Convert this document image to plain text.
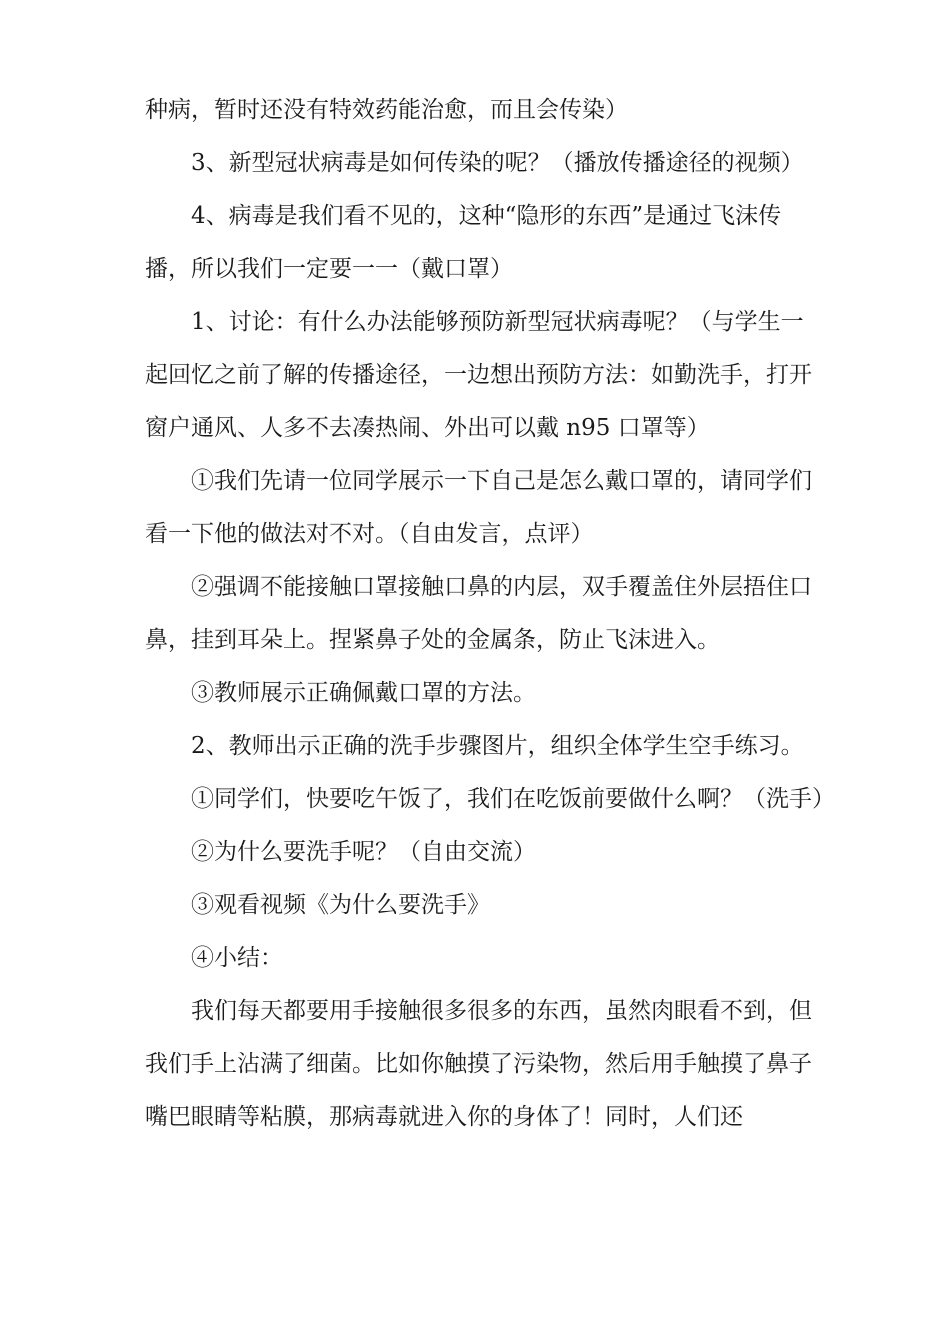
种病，暂时还没有特效药能治愈，而且会传染）

3、新型冠状病毒是如何传染的呢？（播放传播途径的视频）

4、病毒是我们看不见的，这种“隐形的东西”是通过飞沫传播，所以我们一定要一一（戴口罩）

1、讨论：有什么办法能够预防新型冠状病毒呢？（与学生一起回忆之前了解的传播途径，一边想出预防方法：如勤洗手，打开窗户通风、人多不去凑热闹、外出可以戴 n95 口罩等）

①我们先请一位同学展示一下自己是怎么戴口罩的，请同学们看一下他的做法对不对。（自由发言，点评）

②强调不能接触口罩接触口鼻的内层，双手覆盖住外层捂住口鼻，挂到耳朵上。捏紧鼻子处的金属条，防止飞沫进入。

③教师展示正确佩戴口罩的方法。

2、教师出示正确的洗手步骤图片，组织全体学生空手练习。

①同学们，快要吃午饭了，我们在吃饭前要做什么啊？（洗手）

②为什么要洗手呢？（自由交流）

③观看视频《为什么要洗手》

④小结：

我们每天都要用手接触很多很多的东西，虽然肉眼看不到，但我们手上沾满了细菌。比如你触摸了污染物，然后用手触摸了鼻子嘴巴眼睛等粘膜，那病毒就进入你的身体了！同时，人们还
